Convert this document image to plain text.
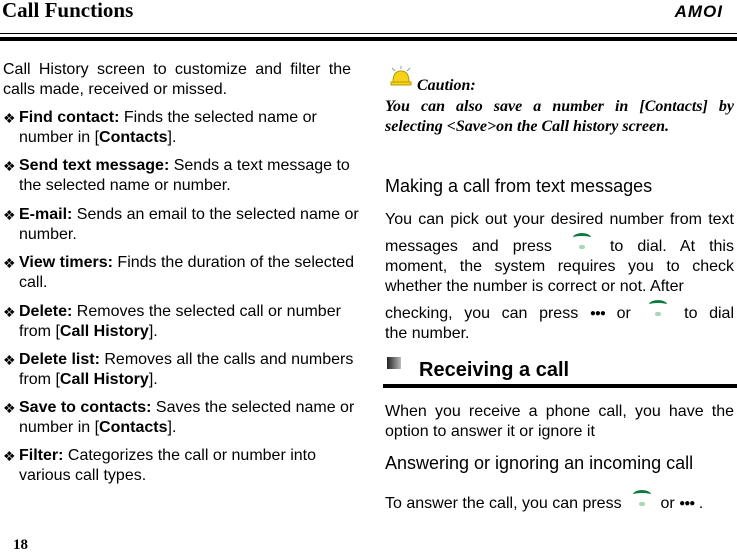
Call Functions	AMOI
Call History screen to customize and filter the calls made, received or missed.
❖ Find contact: Finds the selected name or number in [Contacts].
❖ Send text message: Sends a text message to the selected name or number.
❖ E-mail: Sends an email to the selected name or number.
❖ View timers: Finds the duration of the selected call.
❖ Delete: Removes the selected call or number from [Call History].
❖ Delete list: Removes all the calls and numbers from [Call History].
❖ Save to contacts: Saves the selected name or number in [Contacts].
❖ Filter: Categorizes the call or number into various call types.
Caution:
You can also save a number in [Contacts] by selecting <Save>on the Call history screen.
Making a call from text messages
You can pick out your desired number from text
messages and press	to dial. At this
moment, the system requires you to check whether the number is correct or not. After
checking, you can press ●●● or	to dial
the number.
Receiving a call
When you receive a phone call, you have the option to answer it or ignore it
Answering or ignoring an incoming call
To answer the call, you can press or ●●● .
18
